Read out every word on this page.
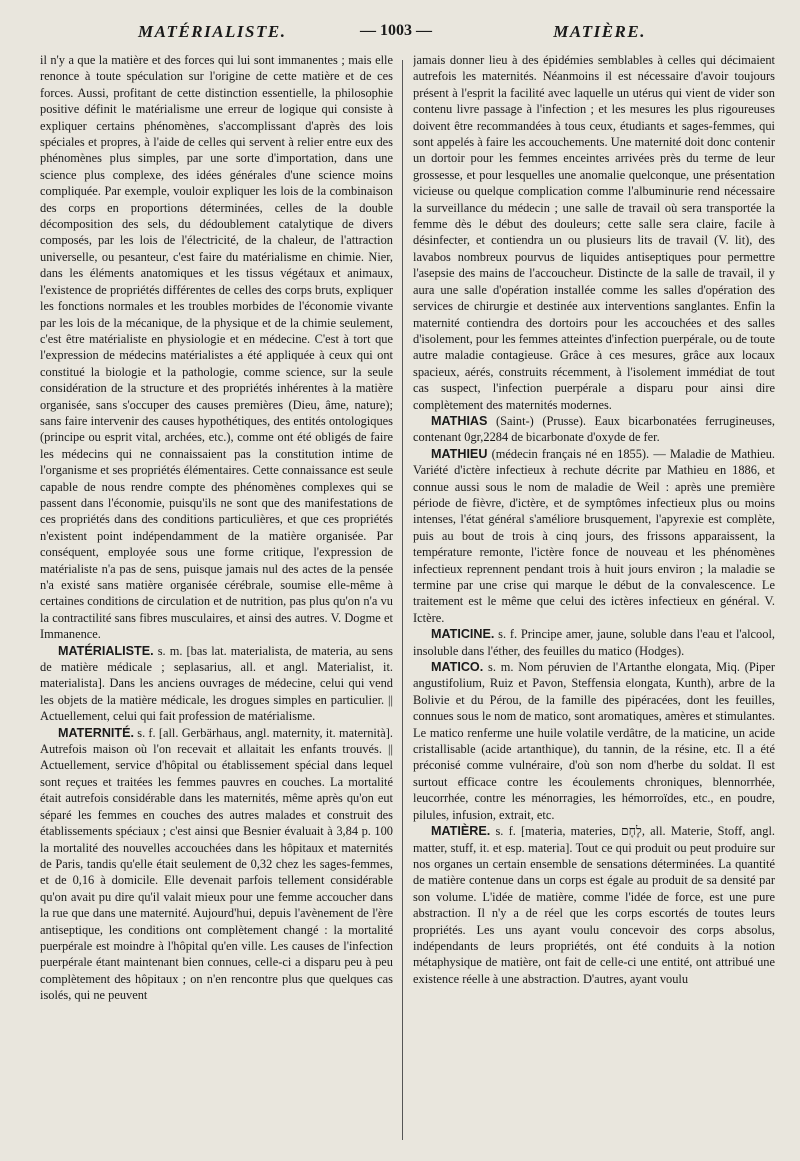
MATÉRIALISTE.	— 1003 —	MATIÈRE.

il n'y a que la matière et des forces qui lui sont immanentes ; mais elle renonce à toute spéculation sur l'origine de cette matière et de ces forces. Aussi, profitant de cette distinction essentielle, la philosophie positive définit le matérialisme une erreur de logique qui consiste à expliquer certains phénomènes, s'accomplissant d'après des lois spéciales et propres, à l'aide de celles qui servent à relier entre eux des phénomènes plus simples, par une sorte d'importation, dans une science plus complexe, des idées générales d'une science moins compliquée. Par exemple, vouloir expliquer les lois de la combinaison des corps en proportions déterminées, celles de la double décomposition des sels, du dédoublement catalytique de divers composés, par les lois de l'électricité, de la chaleur, de l'attraction universelle, ou pesanteur, c'est faire du matérialisme en chimie. Nier, dans les éléments anatomiques et les tissus végétaux et animaux, l'existence de propriétés différentes de celles des corps bruts, expliquer les fonctions normales et les troubles morbides de l'économie vivante par les lois de la mécanique, de la physique et de la chimie seulement, c'est être matérialiste en physiologie et en médecine. C'est à tort que l'expression de médecins matérialistes a été appliquée à ceux qui ont constitué la biologie et la pathologie, comme science, sur la seule considération de la structure et des propriétés inhérentes à la matière organisée, sans s'occuper des causes premières (Dieu, âme, nature); sans faire intervenir des causes hypothétiques, des entités ontologiques (principe ou esprit vital, archées, etc.), comme ont été obligés de faire les médecins qui ne connaissaient pas la constitution intime de l'organisme et ses propriétés élémentaires. Cette connaissance est seule capable de nous rendre compte des phénomènes complexes qui se passent dans l'économie, puisqu'ils ne sont que des manifestations de ces propriétés dans des conditions particulières, et que ces propriétés n'existent point indépendamment de la matière organisée. Par conséquent, employée sous une forme critique, l'expression de matérialiste n'a pas de sens, puisque jamais nul des actes de la pensée n'a existé sans matière organisée cérébrale, soumise elle-même à certaines conditions de circulation et de nutrition, pas plus qu'on n'a vu la contractilité sans fibres musculaires, et ainsi des autres. V. Dogme et Immanence.

MATÉRIALISTE. s. m. [bas lat. materialista, de materia, au sens de matière médicale ; seplasarius, all. et angl. Materialist, it. materialista]. Dans les anciens ouvrages de médecine, celui qui vend les objets de la matière médicale, les drogues simples en particulier. || Actuellement, celui qui fait profession de matérialisme.

MATERNITÉ. s. f. [all. Gerbärhaus, angl. maternity, it. maternità]. Autrefois maison où l'on recevait et allaitait les enfants trouvés. || Actuellement, service d'hôpital ou établissement spécial dans lequel sont reçues et traitées les femmes pauvres en couches. La mortalité était autrefois considérable dans les maternités, même après qu'on eut séparé les femmes en couches des autres malades et construit des établissements spéciaux ; c'est ainsi que Besnier évaluait à 3,84 p. 100 la mortalité des nouvelles accouchées dans les hôpitaux et maternités de Paris, tandis qu'elle était seulement de 0,32 chez les sages-femmes, et de 0,16 à domicile. Elle devenait parfois tellement considérable qu'on avait pu dire qu'il valait mieux pour une femme accoucher dans la rue que dans une maternité. Aujourd'hui, depuis l'avènement de l'ère antiseptique, les conditions ont complètement changé : la mortalité puerpérale est moindre à l'hôpital qu'en ville. Les causes de l'infection puerpérale étant maintenant bien connues, celle-ci a disparu peu à peu complètement des hôpitaux ; on n'en rencontre plus que quelques cas isolés, qui ne peuvent

jamais donner lieu à des épidémies semblables à celles qui décimaient autrefois les maternités. Néanmoins il est nécessaire d'avoir toujours présent à l'esprit la facilité avec laquelle un utérus qui vient de vider son contenu livre passage à l'infection ; et les mesures les plus rigoureuses doivent être recommandées à tous ceux, étudiants et sages-femmes, qui sont appelés à faire les accouchements. Une maternité doit donc contenir un dortoir pour les femmes enceintes arrivées près du terme de leur grossesse, et pour lesquelles une anomalie quelconque, une présentation vicieuse ou quelque complication comme l'albuminurie rend nécessaire la surveillance du médecin ; une salle de travail où sera transportée la femme dès le début des douleurs; cette salle sera claire, facile à désinfecter, et contiendra un ou plusieurs lits de travail (V. lit), des lavabos nombreux pourvus de liquides antiseptiques pour permettre l'asepsie des mains de l'accoucheur. Distincte de la salle de travail, il y aura une salle d'opération installée comme les salles d'opération des services de chirurgie et destinée aux interventions sanglantes. Enfin la maternité contiendra des dortoirs pour les accouchées et des salles d'isolement, pour les femmes atteintes d'infection puerpérale, ou de toute autre maladie contagieuse. Grâce à ces mesures, grâce aux locaux spacieux, aérés, construits récemment, à l'isolement immédiat de tout cas suspect, l'infection puerpérale a disparu pour ainsi dire complètement des maternités modernes.

MATHIAS (Saint-) (Prusse). Eaux bicarbonatées ferrugineuses, contenant 0gr,2284 de bicarbonate d'oxyde de fer.

MATHIEU (médecin français né en 1855). — Maladie de Mathieu. Variété d'ictère infectieux à rechute décrite par Mathieu en 1886, et connue aussi sous le nom de maladie de Weil : après une première période de fièvre, d'ictère, et de symptômes infectieux plus ou moins intenses, l'état général s'améliore brusquement, l'apyrexie est complète, puis au bout de trois à cinq jours, des frissons apparaissent, la température remonte, l'ictère fonce de nouveau et les phénomènes infectieux reprennent pendant trois à huit jours environ ; la maladie se termine par une crise qui marque le début de la convalescence. Le traitement est le même que celui des ictères infectieux en général. V. Ictère.

MATICINE. s. f. Principe amer, jaune, soluble dans l'eau et l'alcool, insoluble dans l'éther, des feuilles du matico (Hodges).

MATICO. s. m. Nom péruvien de l'Artanthe elongata, Miq. (Piper angustifolium, Ruiz et Pavon, Steffensia elongata, Kunth), arbre de la Bolivie et du Pérou, de la famille des pipéracées, dont les feuilles, connues sous le nom de matico, sont aromatiques, amères et stimulantes. Le matico renferme une huile volatile verdâtre, de la maticine, un acide cristallisable (acide artanthique), du tannin, de la résine, etc. Il a été préconisé comme vulnéraire, d'où son nom d'herbe du soldat. Il est surtout efficace contre les écoulements chroniques, blennorrhée, leucorrhée, contre les ménorragies, les hémorroïdes, etc., en poudre, pilules, infusion, extrait, etc.

MATIÈRE. s. f. [materia, materies, לֶחֶם, all. Materie, Stoff, angl. matter, stuff, it. et esp. materia]. Tout ce qui produit ou peut produire sur nos organes un certain ensemble de sensations déterminées. La quantité de matière contenue dans un corps est égale au produit de sa densité par son volume. L'idée de matière, comme l'idée de force, est une pure abstraction. Il n'y a de réel que les corps escortés de toutes leurs propriétés. Les uns ayant voulu concevoir des corps absolus, indépendants de leurs propriétés, ont été conduits à la notion métaphysique de matière, ont fait de celle-ci une entité, ont attribué une existence réelle à une abstraction. D'autres, ayant voulu
